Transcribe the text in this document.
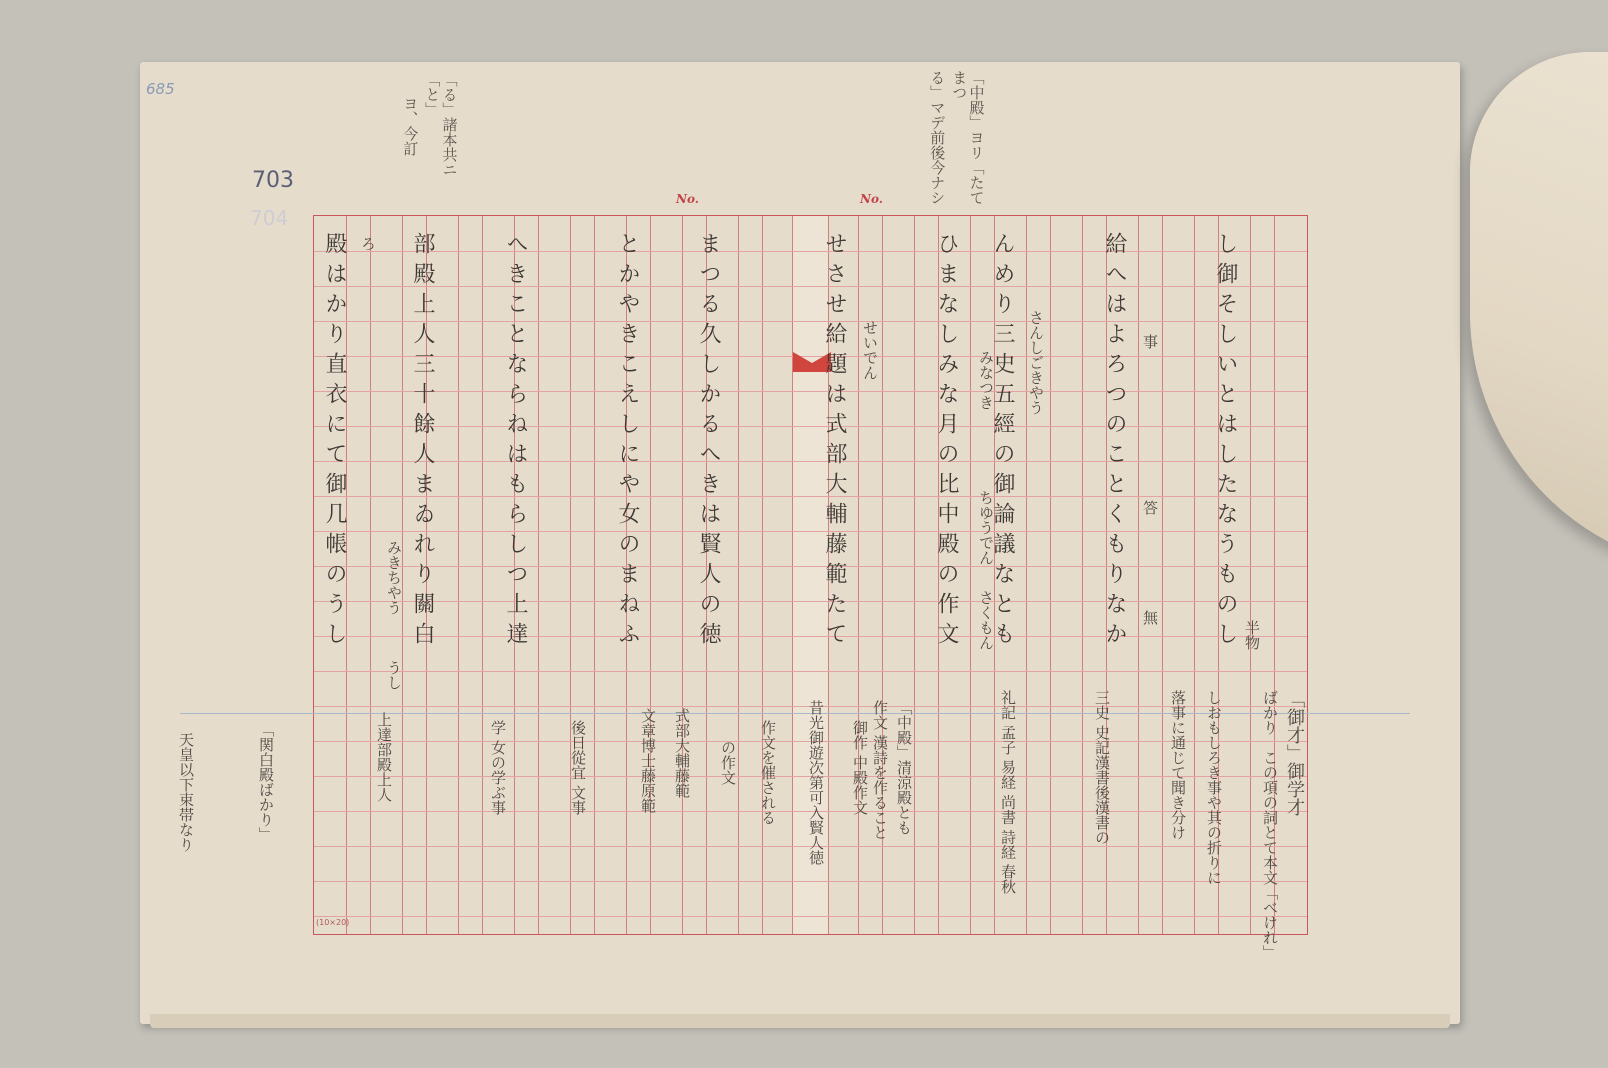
685
703
704
「る」諸本共ニ「と」
ヨ、今訂	「中殿」ヨリ「たてまつ
る」マデ前後今ナシ
No.	No.
(10×20)
し御そしいとはしたなうものし
給へはよろつのことくもりなか
んめり三史五經の御論議なとも
ひまなしみな月の比中殿の作文
せさせ給題は式部大輔藤範たて
まつる久しかるへきは賢人の徳
とかやきこえしにや女のまねふ
へきことならねはもらしつ上達
部殿上人三十餘人まゐれり關白
殿はかり直衣にて御几帳のうし	半物
事
答
無
さんしごきやう
みなつき
ちゆうでん
さくもん
せいでん
みきちやう
うし
ろ
「御才」御学才
ばかり　この項の詞とて本文「べけれ」
しおもしろき事や其の折りに
落事に通じて聞き分け
三史 史記漢書後漢書の
礼記 孟子 易経 尚書 詩経 春秋
「中殿」清涼殿とも
作文 漢詩を作ること
御作 中殿作文
式部大輔藤範
文章博士藤原範
学 女の学ぶ事	後日從宜 文事
上達部殿上人
「関白殿ばかり」
天皇以下束帯なり	昔光御遊次第可入賢人徳
作文を催される
の作文
